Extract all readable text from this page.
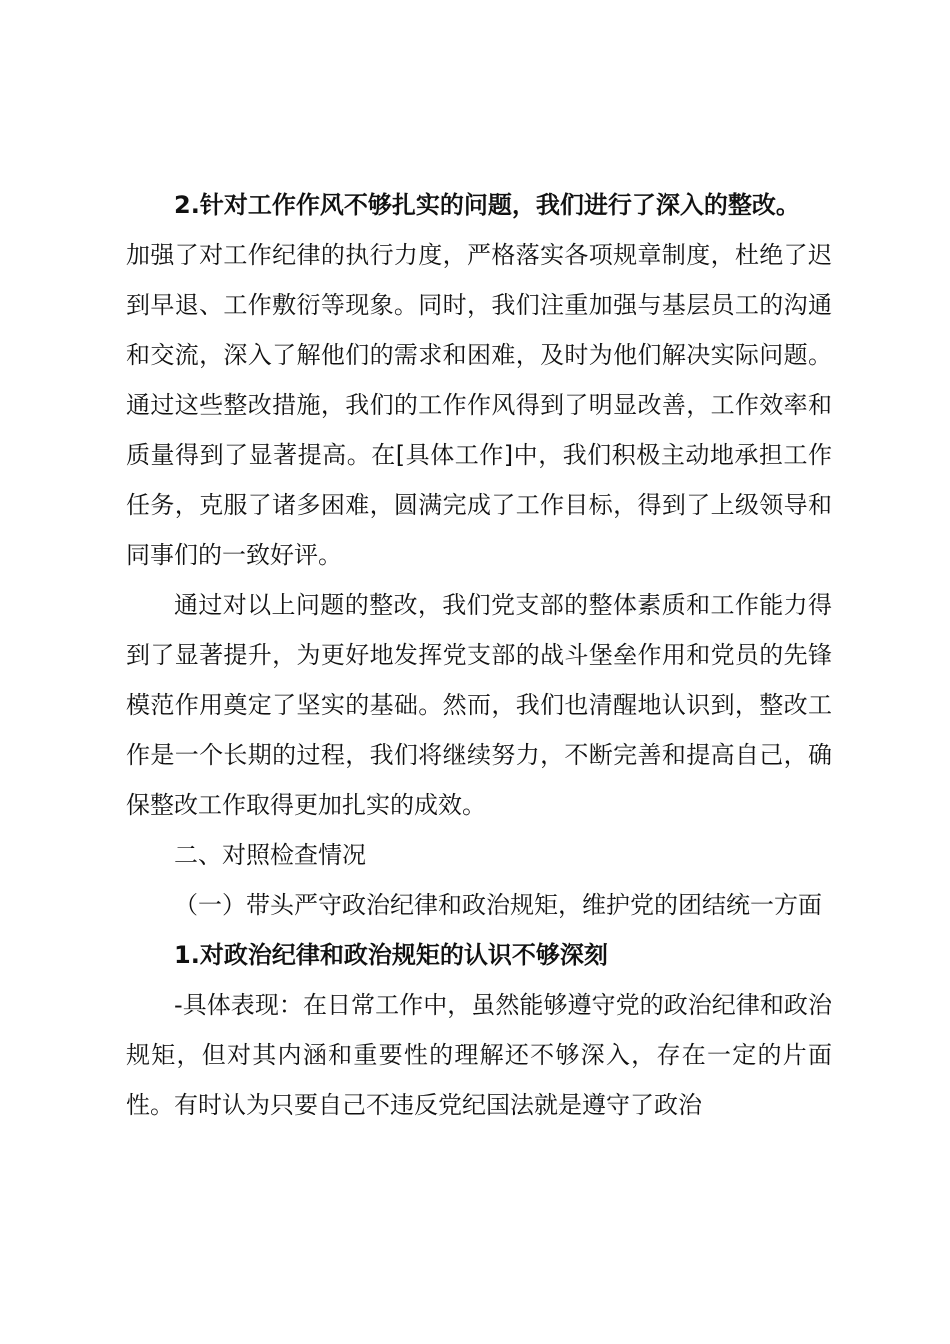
2.针对工作作风不够扎实的问题，我们进行了深入的整改。

加强了对工作纪律的执行力度，严格落实各项规章制度，杜绝了迟到早退、工作敷衍等现象。同时，我们注重加强与基层员工的沟通和交流，深入了解他们的需求和困难，及时为他们解决实际问题。通过这些整改措施，我们的工作作风得到了明显改善，工作效率和质量得到了显著提高。在[具体工作]中，我们积极主动地承担工作任务，克服了诸多困难，圆满完成了工作目标，得到了上级领导和同事们的一致好评。

通过对以上问题的整改，我们党支部的整体素质和工作能力得到了显著提升，为更好地发挥党支部的战斗堡垒作用和党员的先锋模范作用奠定了坚实的基础。然而，我们也清醒地认识到，整改工作是一个长期的过程，我们将继续努力，不断完善和提高自己，确保整改工作取得更加扎实的成效。

二、对照检查情况

（一）带头严守政治纪律和政治规矩，维护党的团结统一方面

1.对政治纪律和政治规矩的认识不够深刻

-具体表现：在日常工作中，虽然能够遵守党的政治纪律和政治规矩，但对其内涵和重要性的理解还不够深入，存在一定的片面性。有时认为只要自己不违反党纪国法就是遵守了政治
